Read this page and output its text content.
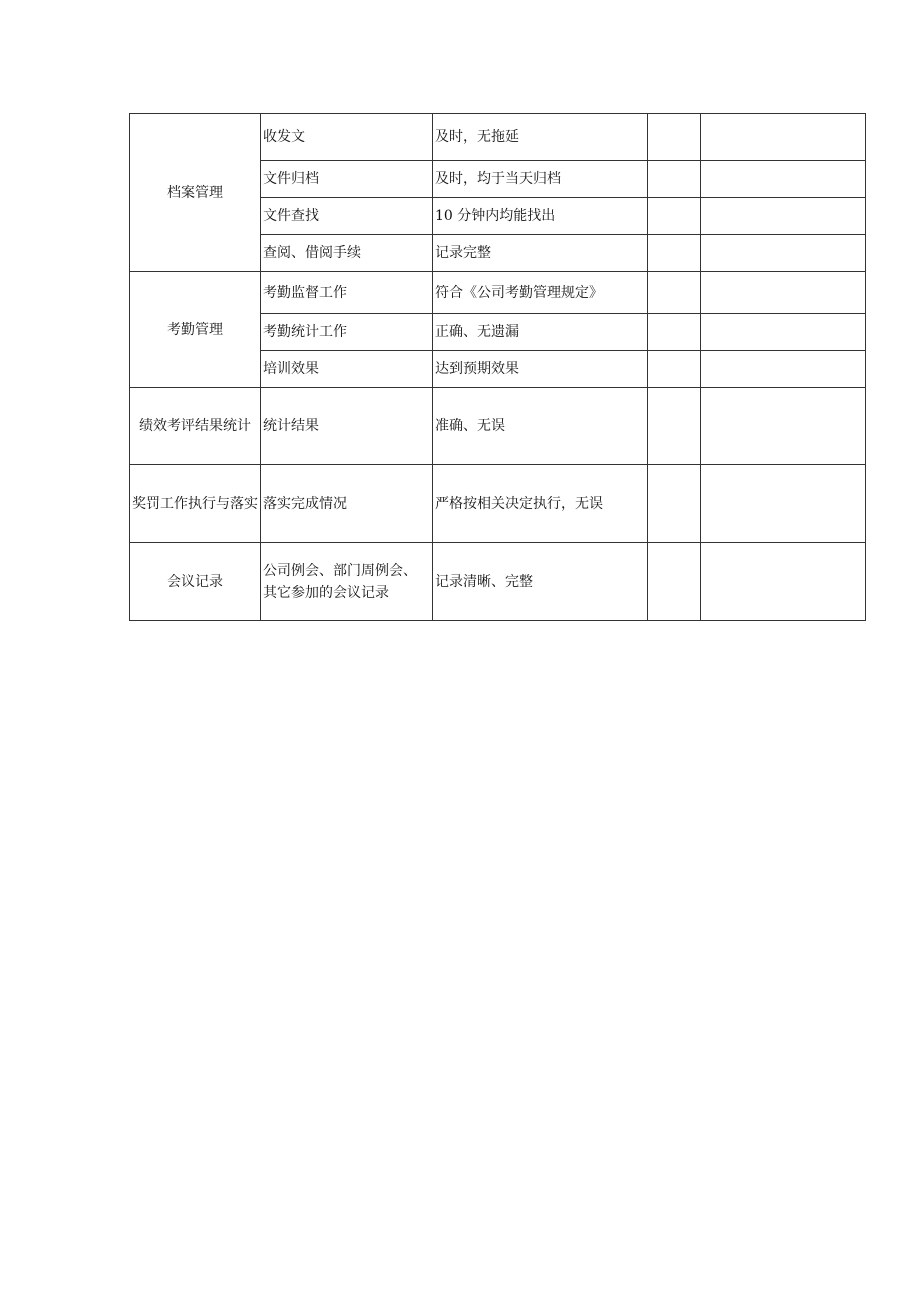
档案管理	收发文	及时，无拖延		
	文件归档	及时，均于当天归档		
	文件查找	10 分钟内均能找出		
	查阅、借阅手续	记录完整		
考勤管理	考勤监督工作	符合《公司考勤管理规定》		
	考勤统计工作	正确、无遗漏		
	培训效果	达到预期效果		
绩效考评结果统计	统计结果	准确、无误		
奖罚工作执行与落实	落实完成情况	严格按相关决定执行，无误		
会议记录	公司例会、部门周例会、其它参加的会议记录	记录清晰、完整		
